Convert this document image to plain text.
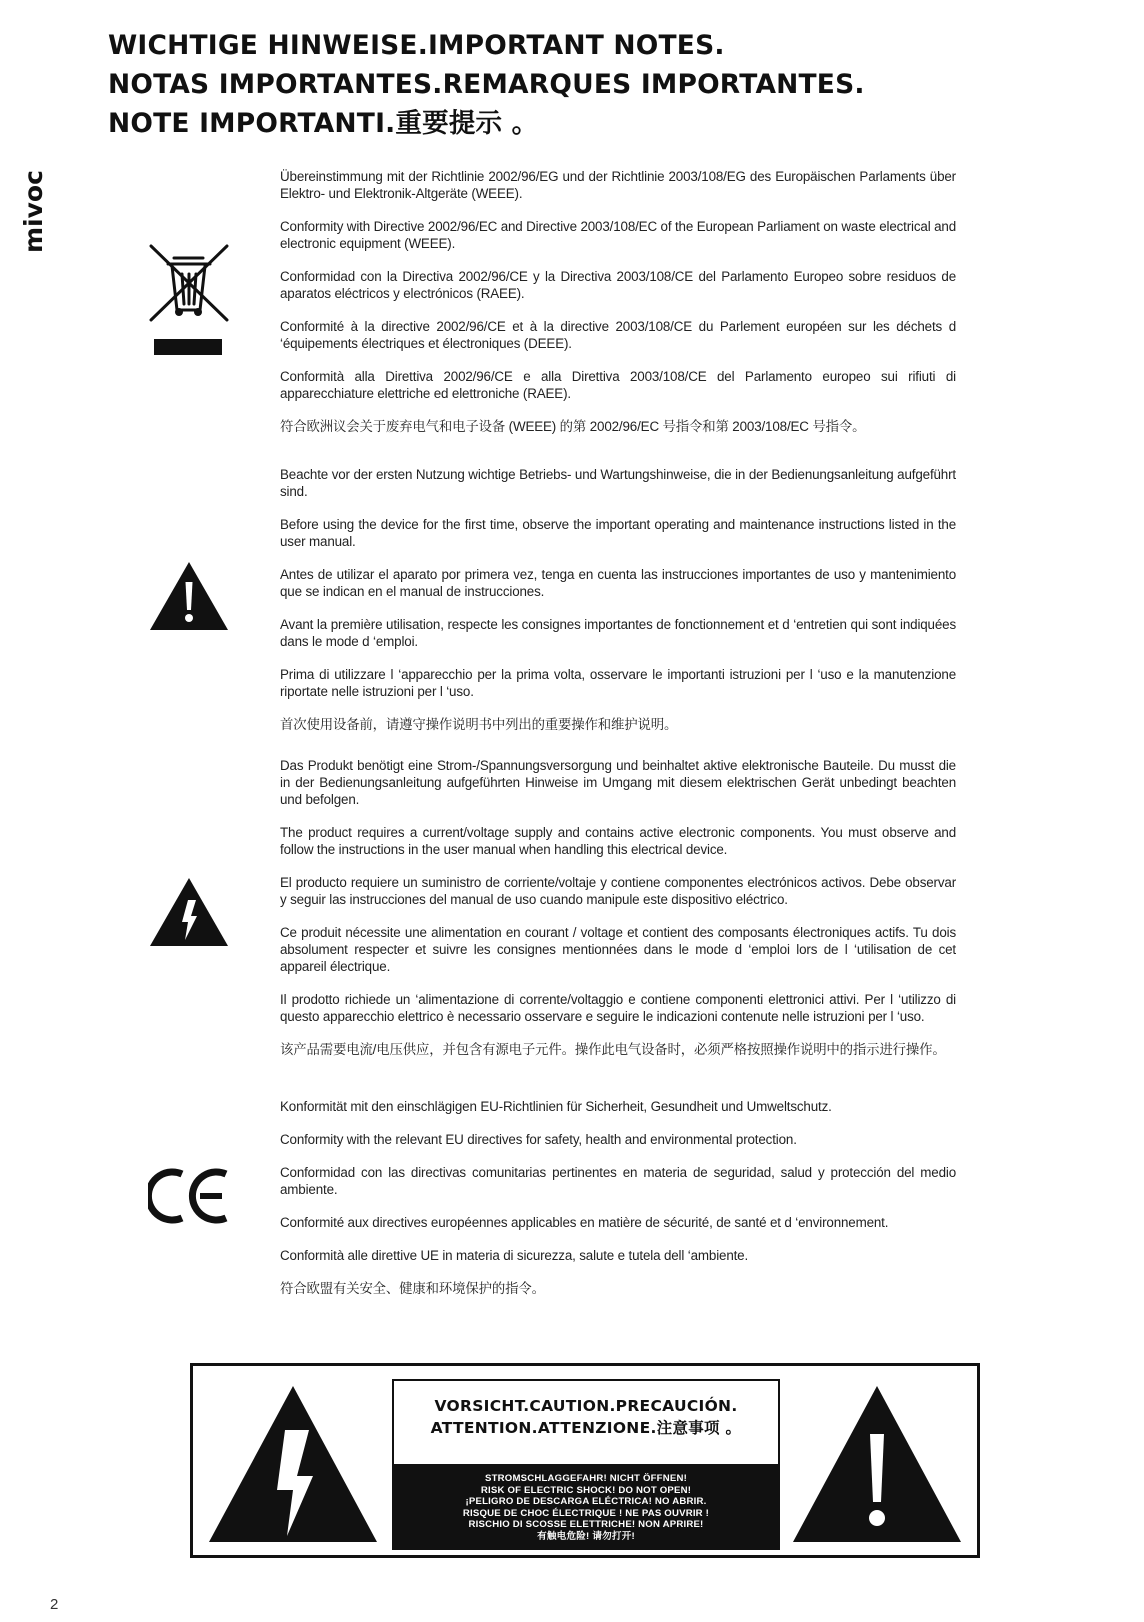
WICHTIGE HINWEISE.IMPORTANT NOTES.
NOTAS IMPORTANTES.REMARQUES IMPORTANTES.
NOTE IMPORTANTI.重要提示 。
mivoc	Übereinstimmung mit der Richtlinie 2002/96/EG und der Richtlinie 2003/108/EG des Europäischen Parlaments über Elektro- und Elektronik-Altgeräte (WEEE).

Conformity with Directive 2002/96/EC and Directive 2003/108/EC of the European Parliament on waste electrical and electronic equipment (WEEE).

Conformidad con la Directiva 2002/96/CE y la Directiva 2003/108/CE del Parlamento Europeo sobre residuos de aparatos eléctricos y electrónicos (RAEE).

Conformité à la directive 2002/96/CE et à la directive 2003/108/CE du Parlement européen sur les déchets d ‘équipements électriques et électroniques (DEEE).

Conformità alla Direttiva 2002/96/CE e alla Direttiva 2003/108/CE del Parlamento europeo sui rifiuti di apparecchiature elettriche ed elettroniche (RAEE).

符合欧洲议会关于废弃电气和电子设备 (WEEE) 的第 2002/96/EC 号指令和第 2003/108/EC 号指令。

Beachte vor der ersten Nutzung wichtige Betriebs- und Wartungshinweise, die in der Bedienungsanleitung aufgeführt sind.

Before using the device for the first time, observe the important operating and maintenance instructions listed in the user manual.

Antes de utilizar el aparato por primera vez, tenga en cuenta las instrucciones importantes de uso y mantenimiento que se indican en el manual de instrucciones.

Avant la première utilisation, respecte les consignes importantes de fonctionnement et d ‘entretien qui sont indiquées dans le mode d ‘emploi.

Prima di utilizzare l ‘apparecchio per la prima volta, osservare le importanti istruzioni per l ‘uso e la manutenzione riportate nelle istruzioni per l ‘uso.

首次使用设备前，请遵守操作说明书中列出的重要操作和维护说明。

Das Produkt benötigt eine Strom-/Spannungsversorgung und beinhaltet aktive elektronische Bauteile. Du musst die in der Bedienungsanleitung aufgeführten Hinweise im Umgang mit diesem elektrischen Gerät unbedingt beachten und befolgen.

The product requires a current/voltage supply and contains active electronic components. You must observe and follow the instructions in the user manual when handling this electrical device.

El producto requiere un suministro de corriente/voltaje y contiene componentes electrónicos activos. Debe observar y seguir las instrucciones del manual de uso cuando manipule este dispositivo eléctrico.

Ce produit nécessite une alimentation en courant / voltage et contient des composants électroniques actifs. Tu dois absolument respecter et suivre les consignes mentionnées dans le mode d ‘emploi lors de l ‘utilisation de cet appareil électrique.

Il prodotto richiede un ‘alimentazione di corrente/voltaggio e contiene componenti elettronici attivi. Per l ‘utilizzo di questo apparecchio elettrico è necessario osservare e seguire le indicazioni contenute nelle istruzioni per l ‘uso.

该产品需要电流/电压供应，并包含有源电子元件。操作此电气设备时，必须严格按照操作说明中的指示进行操作。

Konformität mit den einschlägigen EU-Richtlinien für Sicherheit, Gesundheit und Umweltschutz.

Conformity with the relevant EU directives for safety, health and environmental protection.

Conformidad con las directivas comunitarias pertinentes en materia de seguridad, salud y protección del medio ambiente.

Conformité aux directives européennes applicables en matière de sécurité, de santé et d ‘environnement.

Conformità alle direttive UE in materia di sicurezza, salute e tutela dell ‘ambiente.

符合欧盟有关安全、健康和环境保护的指令。

VORSICHT.CAUTION.PRECAUCIÓN.
ATTENTION.ATTENZIONE.注意事项 。
STROMSCHLAGGEFAHR! NICHT ÖFFNEN!
RISK OF ELECTRIC SHOCK! DO NOT OPEN!
¡PELIGRO DE DESCARGA ELÉCTRICA! NO ABRIR.
RISQUE DE CHOC ÉLECTRIQUE ! NE PAS OUVRIR !
RISCHIO DI SCOSSE ELETTRICHE! NON APRIRE!
有触电危险! 请勿打开!
2
